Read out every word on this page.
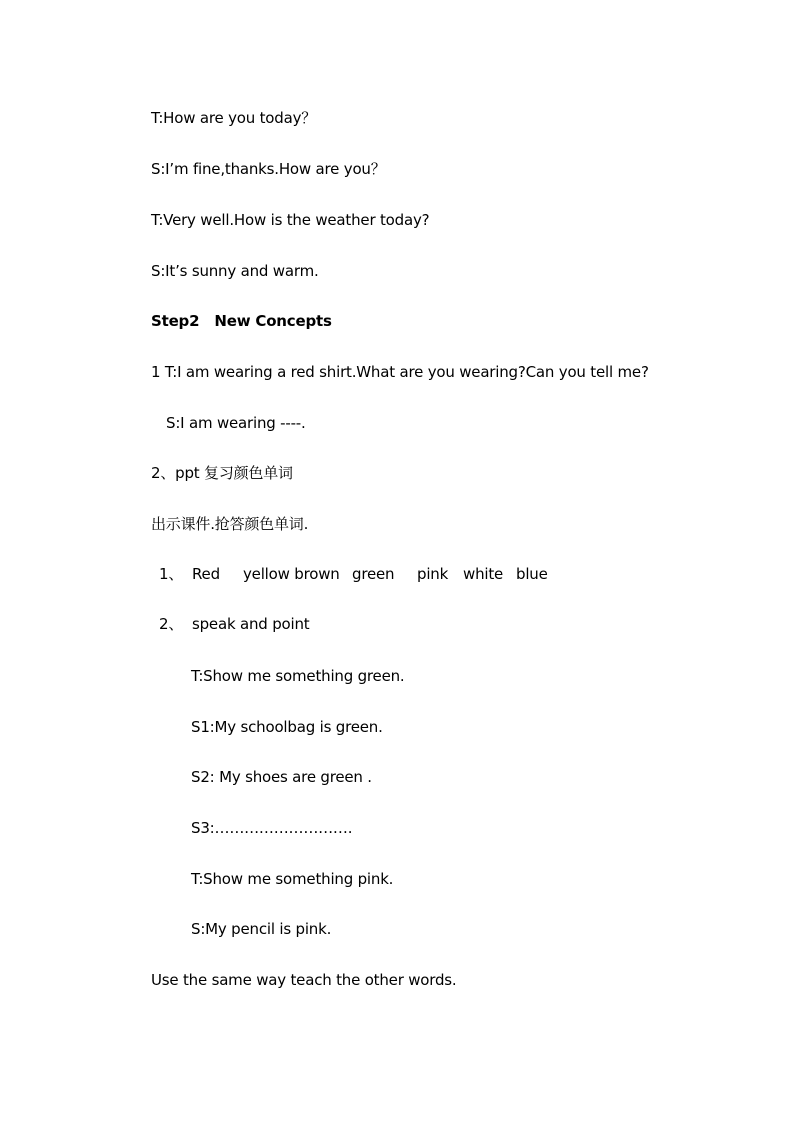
T:How are you today？
S:I’m fine,thanks.How are you？
T:Very well.How is the weather today?
S:It’s sunny and warm.
Step2   New Concepts
1 T:I am wearing a red shirt.What are you wearing?Can you tell me?
S:I am wearing ----.
2、ppt 复习颜色单词
出示课件.抢答颜色单词.
1、 Red yellow brown green pink white blue
2、 speak and point
T:Show me something green.
S1:My schoolbag is green.
S2: My shoes are green .
S3:……………………….
T:Show me something pink.
S:My pencil is pink.
Use the same way teach the other words.
